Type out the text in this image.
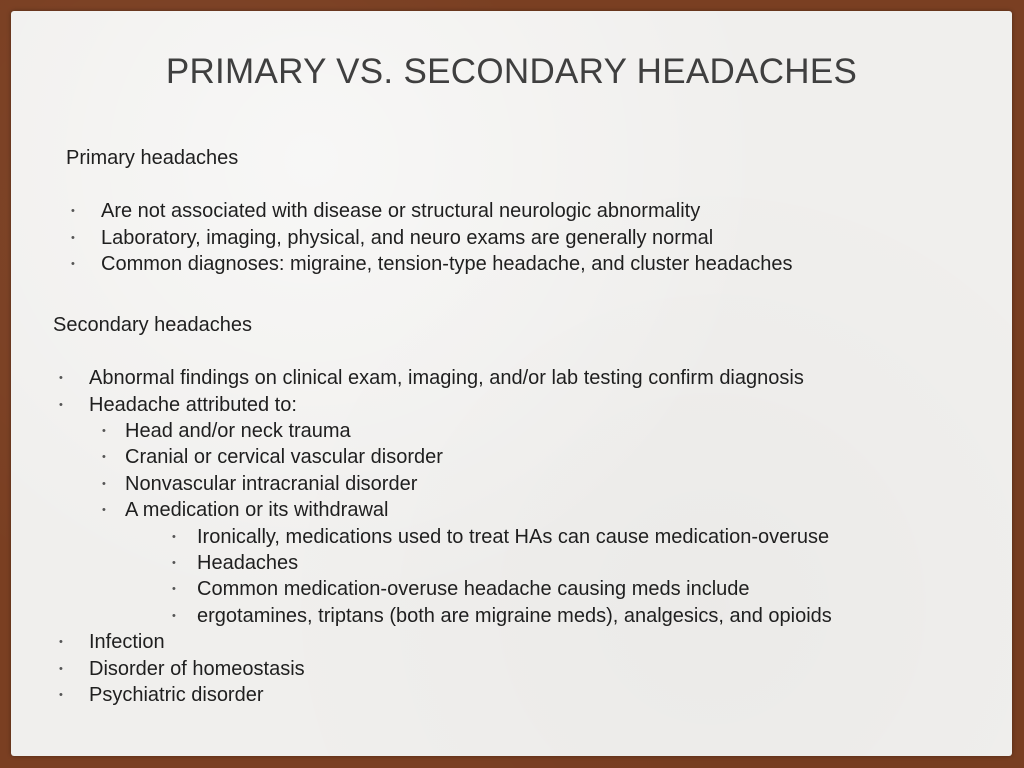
PRIMARY VS. SECONDARY HEADACHES
Primary headaches
• Are not associated with disease or structural neurologic abnormality
• Laboratory, imaging, physical, and neuro exams are generally normal
• Common diagnoses: migraine, tension-type headache, and cluster headaches
Secondary headaches
• Abnormal findings on clinical exam, imaging, and/or lab testing confirm diagnosis
• Headache attributed to:
• Head and/or neck trauma
• Cranial or cervical vascular disorder
• Nonvascular intracranial disorder
• A medication or its withdrawal
• Ironically, medications used to treat HAs can cause medication-overuse
• Headaches
• Common medication-overuse headache causing meds include
• ergotamines, triptans (both are migraine meds), analgesics, and opioids
• Infection
• Disorder of homeostasis
• Psychiatric disorder
